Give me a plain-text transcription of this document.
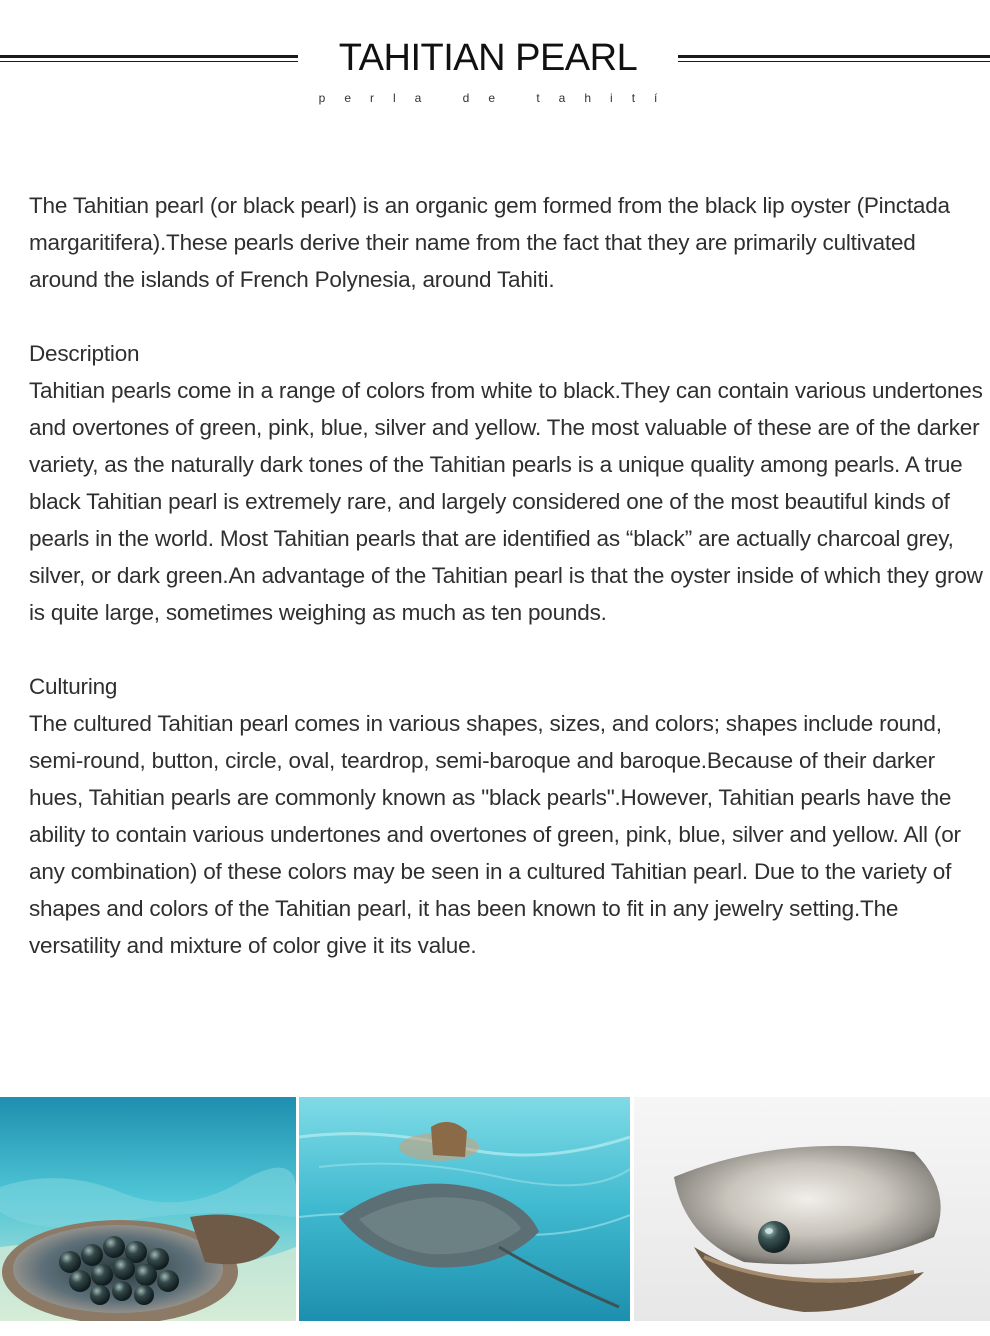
TAHITIAN PEARL
perla de tahití

The Tahitian pearl (or black pearl) is an organic gem formed from the black lip oyster (Pinctada margaritifera).These pearls derive their name from the fact that they are primarily cultivated around the islands of French Polynesia, around Tahiti.

Description

Tahitian pearls come in a range of colors from white to black.They can contain various undertones and overtones of green, pink, blue, silver and yellow. The most valuable of these are of the darker variety, as the naturally dark tones of the Tahitian pearls is a unique quality among pearls. A true black Tahitian pearl is extremely rare, and largely considered one of the most beautiful kinds of pearls in the world. Most Tahitian pearls that are identified as “black” are actually charcoal grey, silver, or dark green.An advantage of the Tahitian pearl is that the oyster inside of which they grow is quite large, sometimes weighing as much as ten pounds.

Culturing

The cultured Tahitian pearl comes in various shapes, sizes, and colors; shapes include round, semi-round, button, circle, oval, teardrop, semi-baroque and baroque.Because of their darker hues, Tahitian pearls are commonly known as "black pearls".However, Tahitian pearls have the ability to contain various undertones and overtones of green, pink, blue, silver and yellow. All (or any combination) of these colors may be seen in a cultured Tahitian pearl. Due to the variety of shapes and colors of the Tahitian pearl, it has been known to fit in any jewelry setting.The versatility and mixture of color give it its value.
